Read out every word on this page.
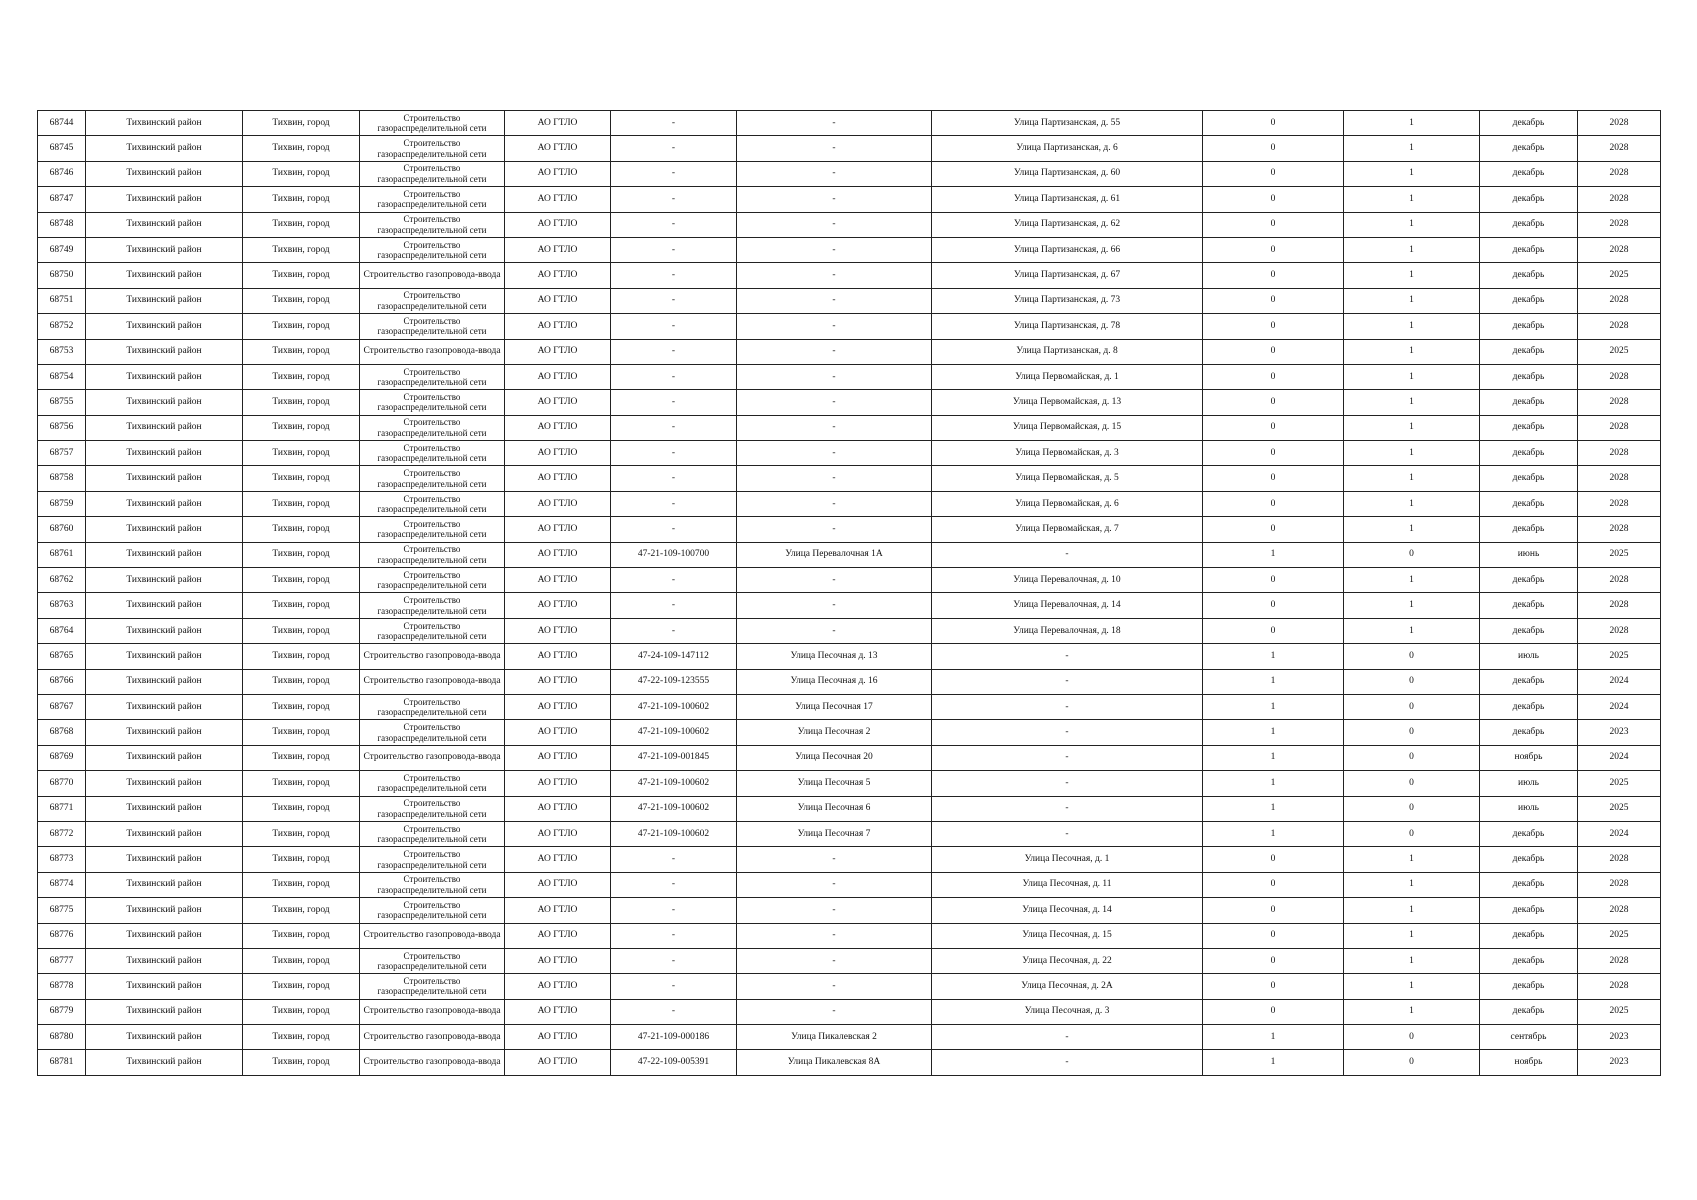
68744	Тихвинский район	Тихвин, город	Строительство газораспределительной сети	АО ГТЛО	-	-	Улица Партизанская, д. 55	0	1	декабрь	2028
68745	Тихвинский район	Тихвин, город	Строительство газораспределительной сети	АО ГТЛО	-	-	Улица Партизанская, д. 6	0	1	декабрь	2028
68746	Тихвинский район	Тихвин, город	Строительство газораспределительной сети	АО ГТЛО	-	-	Улица Партизанская, д. 60	0	1	декабрь	2028
68747	Тихвинский район	Тихвин, город	Строительство газораспределительной сети	АО ГТЛО	-	-	Улица Партизанская, д. 61	0	1	декабрь	2028
68748	Тихвинский район	Тихвин, город	Строительство газораспределительной сети	АО ГТЛО	-	-	Улица Партизанская, д. 62	0	1	декабрь	2028
68749	Тихвинский район	Тихвин, город	Строительство газораспределительной сети	АО ГТЛО	-	-	Улица Партизанская, д. 66	0	1	декабрь	2028
68750	Тихвинский район	Тихвин, город	Строительство газопровода-ввода	АО ГТЛО	-	-	Улица Партизанская, д. 67	0	1	декабрь	2025
68751	Тихвинский район	Тихвин, город	Строительство газораспределительной сети	АО ГТЛО	-	-	Улица Партизанская, д. 73	0	1	декабрь	2028
68752	Тихвинский район	Тихвин, город	Строительство газораспределительной сети	АО ГТЛО	-	-	Улица Партизанская, д. 78	0	1	декабрь	2028
68753	Тихвинский район	Тихвин, город	Строительство газопровода-ввода	АО ГТЛО	-	-	Улица Партизанская, д. 8	0	1	декабрь	2025
68754	Тихвинский район	Тихвин, город	Строительство газораспределительной сети	АО ГТЛО	-	-	Улица Первомайская, д. 1	0	1	декабрь	2028
68755	Тихвинский район	Тихвин, город	Строительство газораспределительной сети	АО ГТЛО	-	-	Улица Первомайская, д. 13	0	1	декабрь	2028
68756	Тихвинский район	Тихвин, город	Строительство газораспределительной сети	АО ГТЛО	-	-	Улица Первомайская, д. 15	0	1	декабрь	2028
68757	Тихвинский район	Тихвин, город	Строительство газораспределительной сети	АО ГТЛО	-	-	Улица Первомайская, д. 3	0	1	декабрь	2028
68758	Тихвинский район	Тихвин, город	Строительство газораспределительной сети	АО ГТЛО	-	-	Улица Первомайская, д. 5	0	1	декабрь	2028
68759	Тихвинский район	Тихвин, город	Строительство газораспределительной сети	АО ГТЛО	-	-	Улица Первомайская, д. 6	0	1	декабрь	2028
68760	Тихвинский район	Тихвин, город	Строительство газораспределительной сети	АО ГТЛО	-	-	Улица Первомайская, д. 7	0	1	декабрь	2028
68761	Тихвинский район	Тихвин, город	Строительство газораспределительной сети	АО ГТЛО	47-21-109-100700	Улица Перевалочная 1А	-	1	0	июнь	2025
68762	Тихвинский район	Тихвин, город	Строительство газораспределительной сети	АО ГТЛО	-	-	Улица Перевалочная, д. 10	0	1	декабрь	2028
68763	Тихвинский район	Тихвин, город	Строительство газораспределительной сети	АО ГТЛО	-	-	Улица Перевалочная, д. 14	0	1	декабрь	2028
68764	Тихвинский район	Тихвин, город	Строительство газораспределительной сети	АО ГТЛО	-	-	Улица Перевалочная, д. 18	0	1	декабрь	2028
68765	Тихвинский район	Тихвин, город	Строительство газопровода-ввода	АО ГТЛО	47-24-109-147112	Улица Песочная д. 13	-	1	0	июль	2025
68766	Тихвинский район	Тихвин, город	Строительство газопровода-ввода	АО ГТЛО	47-22-109-123555	Улица Песочная д. 16	-	1	0	декабрь	2024
68767	Тихвинский район	Тихвин, город	Строительство газораспределительной сети	АО ГТЛО	47-21-109-100602	Улица Песочная 17	-	1	0	декабрь	2024
68768	Тихвинский район	Тихвин, город	Строительство газораспределительной сети	АО ГТЛО	47-21-109-100602	Улица Песочная 2	-	1	0	декабрь	2023
68769	Тихвинский район	Тихвин, город	Строительство газопровода-ввода	АО ГТЛО	47-21-109-001845	Улица Песочная 20	-	1	0	ноябрь	2024
68770	Тихвинский район	Тихвин, город	Строительство газораспределительной сети	АО ГТЛО	47-21-109-100602	Улица Песочная 5	-	1	0	июль	2025
68771	Тихвинский район	Тихвин, город	Строительство газораспределительной сети	АО ГТЛО	47-21-109-100602	Улица Песочная 6	-	1	0	июль	2025
68772	Тихвинский район	Тихвин, город	Строительство газораспределительной сети	АО ГТЛО	47-21-109-100602	Улица Песочная 7	-	1	0	декабрь	2024
68773	Тихвинский район	Тихвин, город	Строительство газораспределительной сети	АО ГТЛО	-	-	Улица Песочная, д. 1	0	1	декабрь	2028
68774	Тихвинский район	Тихвин, город	Строительство газораспределительной сети	АО ГТЛО	-	-	Улица Песочная, д. 11	0	1	декабрь	2028
68775	Тихвинский район	Тихвин, город	Строительство газораспределительной сети	АО ГТЛО	-	-	Улица Песочная, д. 14	0	1	декабрь	2028
68776	Тихвинский район	Тихвин, город	Строительство газопровода-ввода	АО ГТЛО	-	-	Улица Песочная, д. 15	0	1	декабрь	2025
68777	Тихвинский район	Тихвин, город	Строительство газораспределительной сети	АО ГТЛО	-	-	Улица Песочная, д. 22	0	1	декабрь	2028
68778	Тихвинский район	Тихвин, город	Строительство газораспределительной сети	АО ГТЛО	-	-	Улица Песочная, д. 2А	0	1	декабрь	2028
68779	Тихвинский район	Тихвин, город	Строительство газопровода-ввода	АО ГТЛО	-	-	Улица Песочная, д. 3	0	1	декабрь	2025
68780	Тихвинский район	Тихвин, город	Строительство газопровода-ввода	АО ГТЛО	47-21-109-000186	Улица Пикалевская 2	-	1	0	сентябрь	2023
68781	Тихвинский район	Тихвин, город	Строительство газопровода-ввода	АО ГТЛО	47-22-109-005391	Улица Пикалевская 8А	-	1	0	ноябрь	2023
